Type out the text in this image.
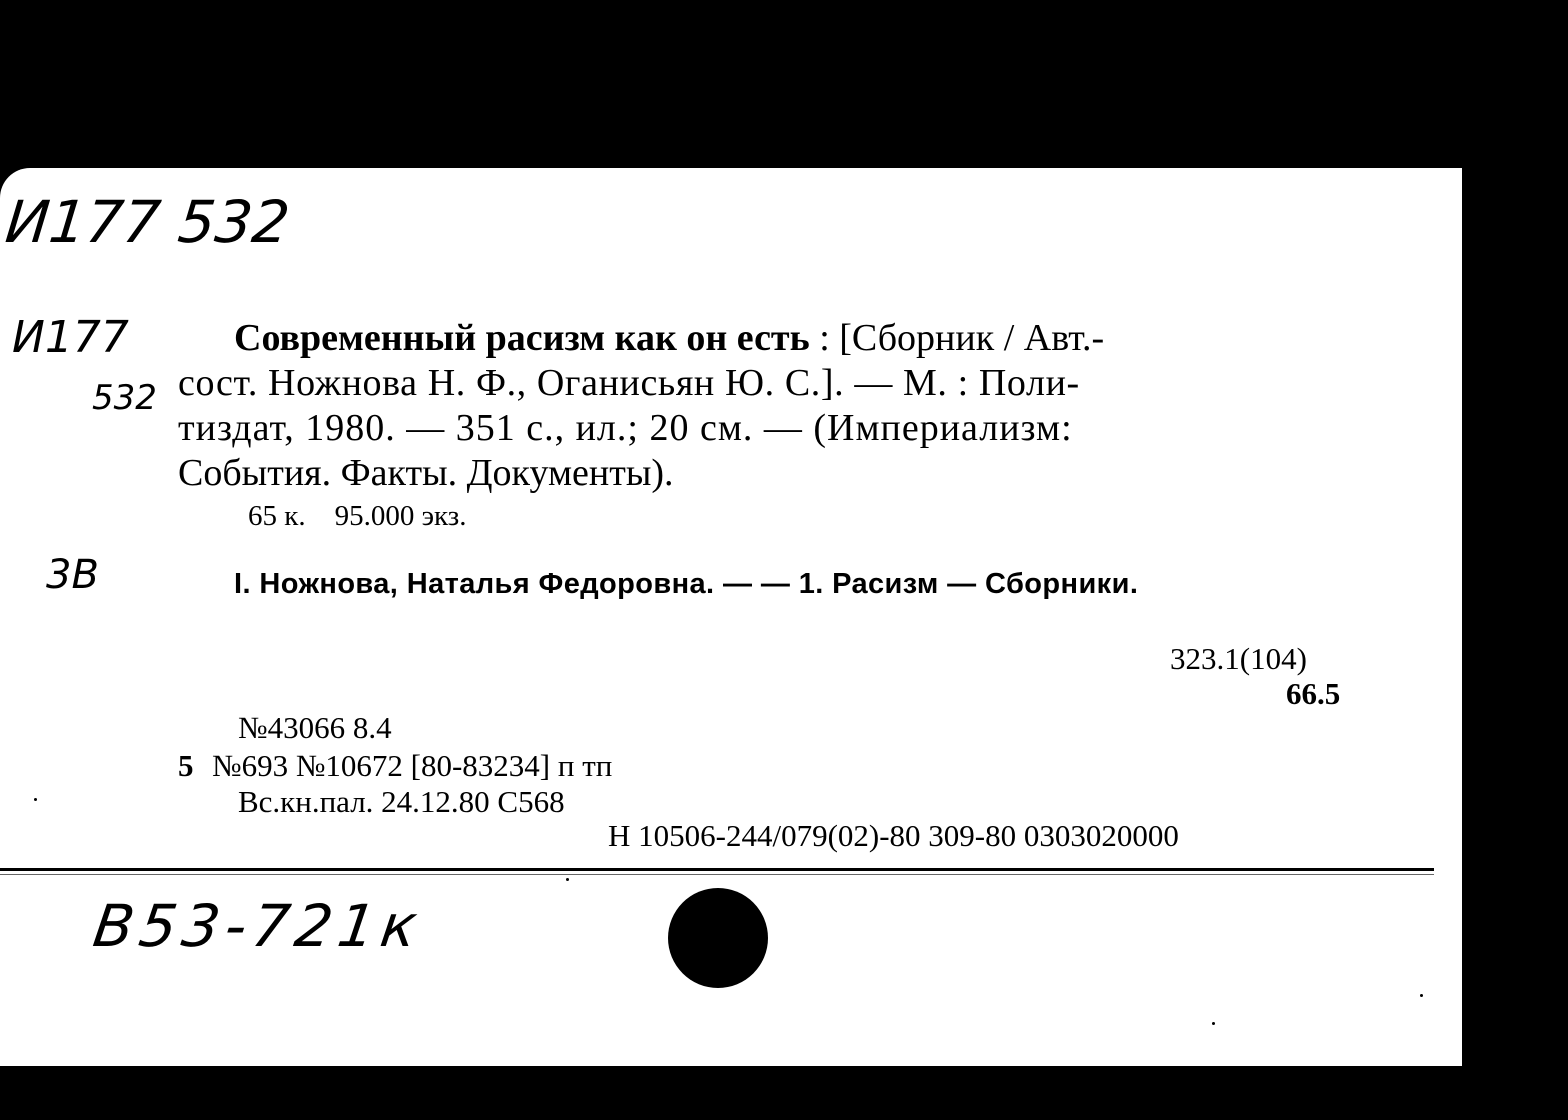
И177 532
И177
532
3В
Современный расизм как он есть : [Сборник / Авт.-
сост. Ножнова Н. Ф., Оганисьян Ю. С.]. — М. : Поли-
тиздат, 1980. — 351 с., ил.; 20 см. — (Империализм:
События. Факты. Документы).
65 к.    95.000 экз.
I. Ножнова, Наталья Федоровна. — — 1. Расизм — Сборники.
323.1(104)
66.5
№43066 8.4
5 №693 №10672 [80-83234] п тп
Вс.кн.пал. 24.12.80 С568
Н 10506-244/079(02)-80 309-80 0303020000
B53-721к
